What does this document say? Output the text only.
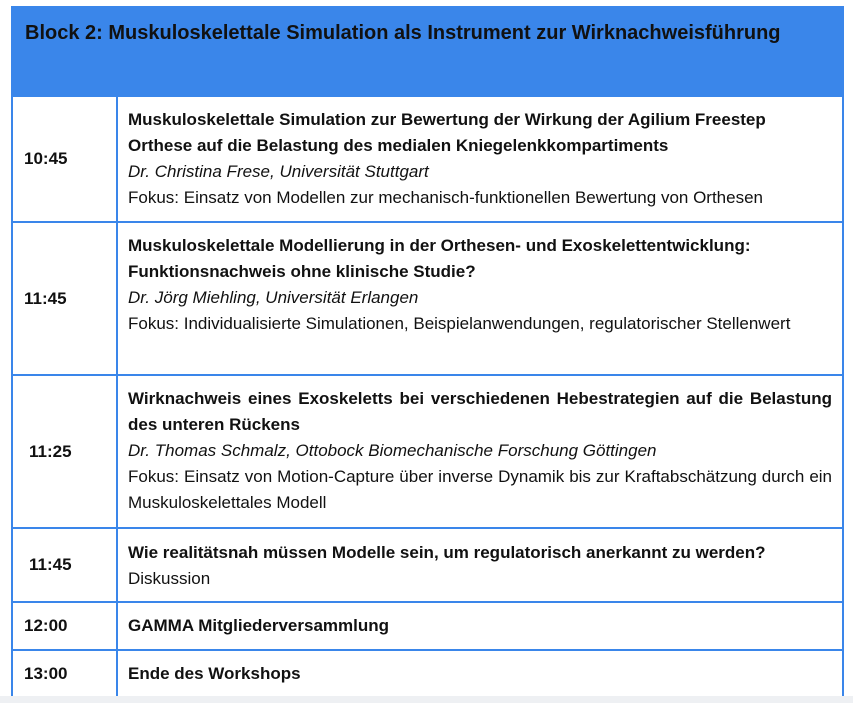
Block 2: Muskuloskelettale Simulation als Instrument zur Wirknachweisführung
10:45
Muskuloskelettale Simulation zur Bewertung der Wirkung der Agilium Freestep Orthese auf die Belastung des medialen Kniegelenkkompartiments
Dr. Christina Frese, Universität Stuttgart
Fokus: Einsatz von Modellen zur mechanisch-funktionellen Bewertung von Orthesen
11:45
Muskuloskelettale Modellierung in der Orthesen- und Exoskelettentwicklung: Funktionsnachweis ohne klinische Studie?
Dr. Jörg Miehling, Universität Erlangen
Fokus: Individualisierte Simulationen, Beispielanwendungen, regulatorischer Stellenwert
11:25
Wirknachweis eines Exoskeletts bei verschiedenen Hebestrategien auf die Belastung des unteren Rückens
Dr. Thomas Schmalz, Ottobock Biomechanische Forschung Göttingen
Fokus: Einsatz von Motion-Capture über inverse Dynamik bis zur Kraftabschätzung durch ein Muskuloskelettales Modell
11:45
Wie realitätsnah müssen Modelle sein, um regulatorisch anerkannt zu werden?
Diskussion
12:00	GAMMA Mitgliederversammlung
13:00	Ende des Workshops
